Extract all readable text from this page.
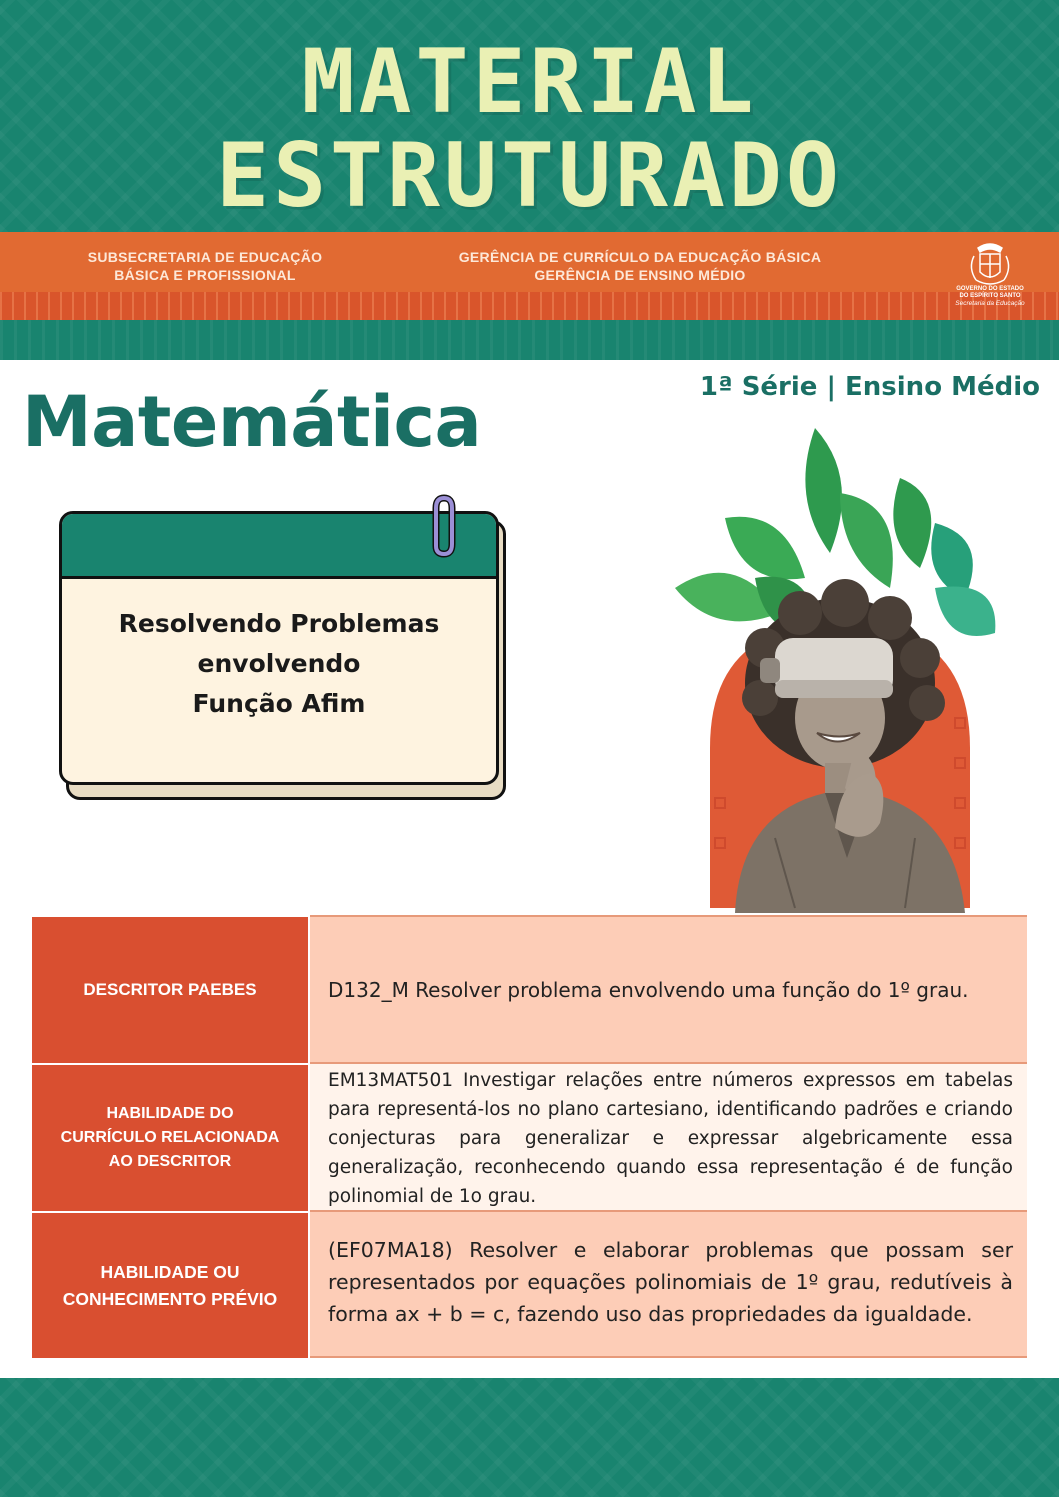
MATERIAL
ESTRUTURADO
SUBSECRETARIA DE EDUCAÇÃO
BÁSICA E PROFISSIONAL
GERÊNCIA DE CURRÍCULO DA EDUCAÇÃO BÁSICA
GERÊNCIA DE ENSINO MÉDIO
GOVERNO DO ESTADO
DO ESPÍRITO SANTO
Secretaria da Educação
Matemática	1ª Série | Ensino Médio
Resolvendo Problemas
envolvendo
Função Afim
DESCRITOR PAEBES	D132_M Resolver problema envolvendo uma função do 1º grau.
HABILIDADE DO
CURRÍCULO RELACIONADA
AO DESCRITOR
EM13MAT501 Investigar relações entre números expressos em tabelas para representá-los no plano cartesiano, identificando padrões e criando conjecturas para generalizar e expressar algebricamente essa generalização, reconhecendo quando essa representação é de função polinomial de 1o grau.
HABILIDADE OU
CONHECIMENTO PRÉVIO
(EF07MA18) Resolver e elaborar problemas que possam ser representados por equações polinomiais de 1º grau, redutíveis à forma ax + b = c, fazendo uso das propriedades da igualdade.
